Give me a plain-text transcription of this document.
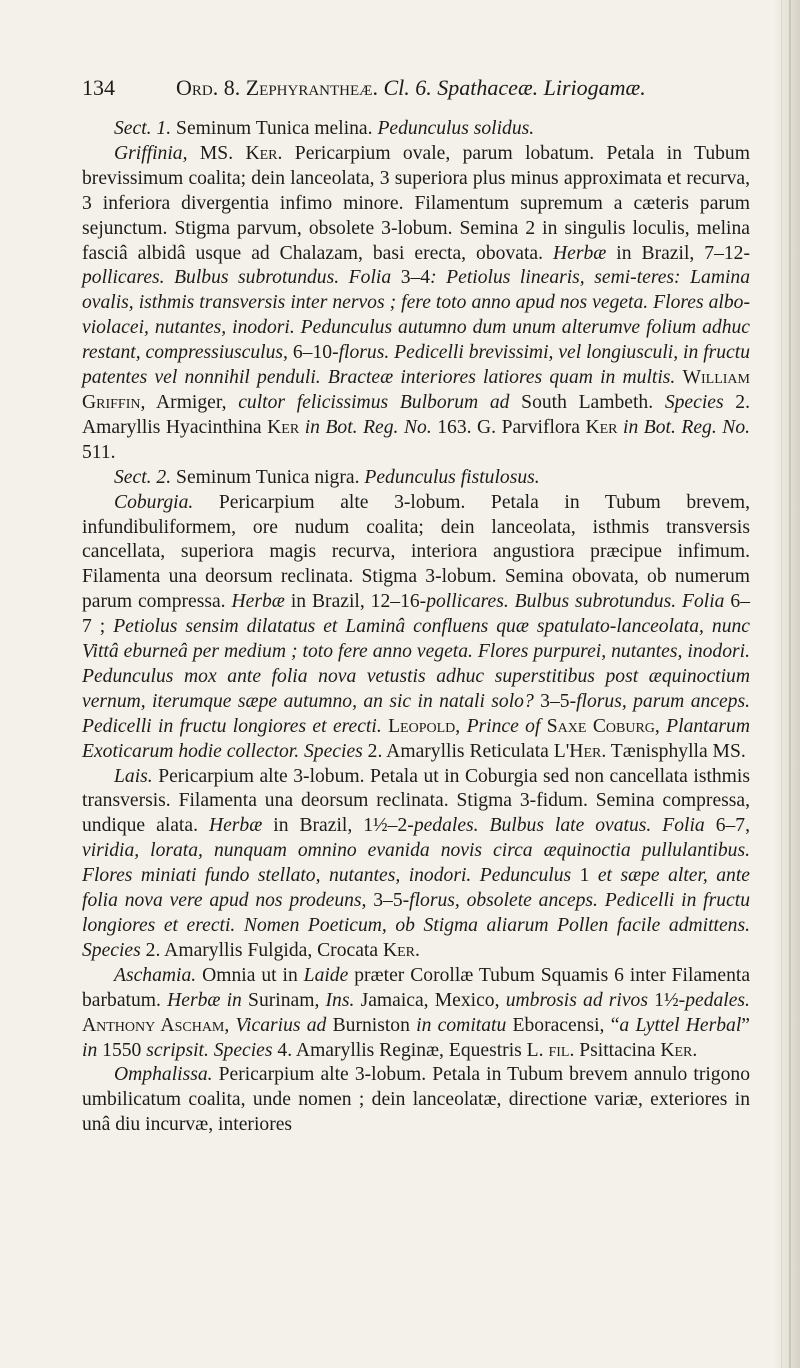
134	Ord. 8. Zephyrantheæ. Cl. 6. Spathaceæ. Liriogamæ.

Sect. 1. Seminum Tunica melina. Pedunculus solidus.

Griffinia, MS. Ker. Pericarpium ovale, parum lobatum. Petala in Tubum brevissimum coalita; dein lanceolata, 3 superiora plus minus approximata et recurva, 3 inferiora divergentia infimo minore. Filamentum supremum a cæteris parum sejunctum. Stigma parvum, obsolete 3-lobum. Semina 2 in singulis loculis, melina fasciâ albidâ usque ad Chalazam, basi erecta, obovata. Herbæ in Brazil, 7–12-pollicares. Bulbus subrotundus. Folia 3–4: Petiolus linearis, semi-teres: Lamina ovalis, isthmis transversis inter nervos ; fere toto anno apud nos vegeta. Flores albo-violacei, nutantes, inodori. Pedunculus autumno dum unum alterumve folium adhuc restant, compressiusculus, 6–10-florus. Pedicelli brevissimi, vel longiusculi, in fructu patentes vel nonnihil penduli. Bracteæ interiores latiores quam in multis. William Griffin, Armiger, cultor felicissimus Bulborum ad South Lambeth. Species 2. Amaryllis Hyacinthina Ker in Bot. Reg. No. 163. G. Parviflora Ker in Bot. Reg. No. 511.

Sect. 2. Seminum Tunica nigra. Pedunculus fistulosus.

Coburgia. Pericarpium alte 3-lobum. Petala in Tubum brevem, infundibuliformem, ore nudum coalita; dein lanceolata, isthmis transversis cancellata, superiora magis recurva, interiora angustiora præcipue infimum. Filamenta una deorsum reclinata. Stigma 3-lobum. Semina obovata, ob numerum parum compressa. Herbæ in Brazil, 12–16-pollicares. Bulbus subrotundus. Folia 6–7 ; Petiolus sensim dilatatus et Laminâ confluens quæ spatulato-lanceolata, nunc Vittâ eburneâ per medium ; toto fere anno vegeta. Flores purpurei, nutantes, inodori. Pedunculus mox ante folia nova vetustis adhuc superstitibus post æquinoctium vernum, iterumque sæpe autumno, an sic in natali solo? 3–5-florus, parum anceps. Pedicelli in fructu longiores et erecti. Leopold, Prince of Saxe Coburg, Plantarum Exoticarum hodie collector. Species 2. Amaryllis Reticulata L'Her. Tænisphylla MS.

Lais. Pericarpium alte 3-lobum. Petala ut in Coburgia sed non cancellata isthmis transversis. Filamenta una deorsum reclinata. Stigma 3-fidum. Semina compressa, undique alata. Herbæ in Brazil, 1½–2-pedales. Bulbus late ovatus. Folia 6–7, viridia, lorata, nunquam omnino evanida novis circa æquinoctia pullulantibus. Flores miniati fundo stellato, nutantes, inodori. Pedunculus 1 et sæpe alter, ante folia nova vere apud nos prodeuns, 3–5-florus, obsolete anceps. Pedicelli in fructu longiores et erecti. Nomen Poeticum, ob Stigma aliarum Pollen facile admittens. Species 2. Amaryllis Fulgida, Crocata Ker.

Aschamia. Omnia ut in Laide præter Corollæ Tubum Squamis 6 inter Filamenta barbatum. Herbæ in Surinam, Ins. Jamaica, Mexico, umbrosis ad rivos 1½-pedales. Anthony Ascham, Vicarius ad Burniston in comitatu Eboracensi, “a Lyttel Herbal” in 1550 scripsit. Species 4. Amaryllis Reginæ, Equestris L. fil. Psittacina Ker.

Omphalissa. Pericarpium alte 3-lobum. Petala in Tubum brevem annulo trigono umbilicatum coalita, unde nomen ; dein lanceolatæ, directione variæ, exteriores in unâ diu incurvæ, interiores
